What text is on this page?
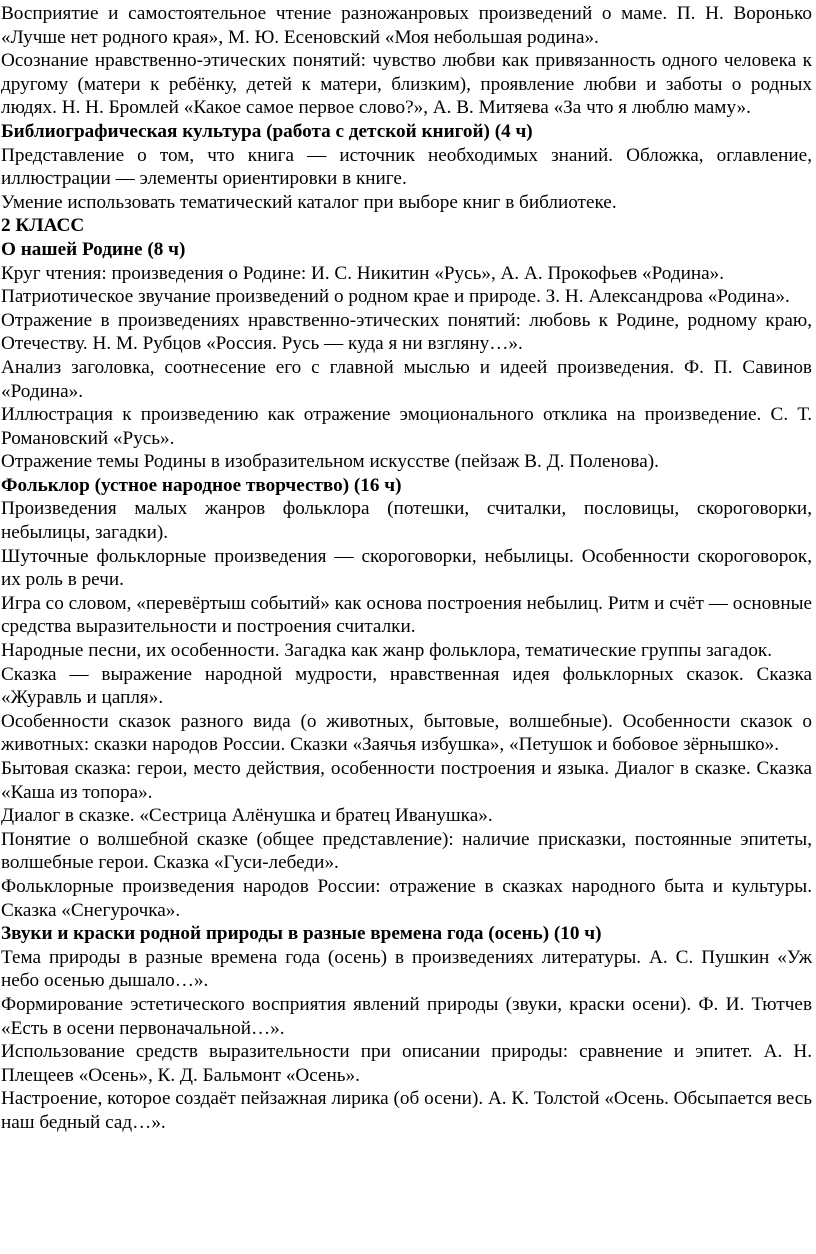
Восприятие и самостоятельное чтение разножанровых произведений о маме. П. Н. Воронько «Лучше нет родного края», М. Ю. Есеновский «Моя небольшая родина».

Осознание нравственно-этических понятий: чувство любви как привязанность одного человека к другому (матери к ребёнку, детей к матери, близким), проявление любви и заботы о родных людях. Н. Н. Бромлей «Какое самое первое слово?», А. В. Митяева «За что я люблю маму».

Библиографическая культура (работа с детской книгой) (4 ч)

Представление о том, что книга — источник необходимых знаний. Обложка, оглавление, иллюстрации — элементы ориентировки в книге.

Умение использовать тематический каталог при выборе книг в библиотеке.

2 КЛАСС

О нашей Родине (8 ч)

Круг чтения: произведения о Родине: И. С. Никитин «Русь», А. А. Прокофьев «Родина».

Патриотическое звучание произведений о родном крае и природе. З. Н. Александрова «Родина».

Отражение в произведениях нравственно-этических понятий: любовь к Родине, родному краю, Отечеству. Н. М. Рубцов «Россия. Русь — куда я ни взгляну…».

Анализ заголовка, соотнесение его с главной мыслью и идеей произведения. Ф. П. Савинов «Родина».

Иллюстрация к произведению как отражение эмоционального отклика на произведение. С. Т. Романовский «Русь».

Отражение темы Родины в изобразительном искусстве (пейзаж В. Д. Поленова).

Фольклор (устное народное творчество) (16 ч)

Произведения малых жанров фольклора (потешки, считалки, пословицы, скороговорки, небылицы, загадки).

Шуточные фольклорные произведения — скороговорки, небылицы. Особенности скороговорок, их роль в речи.

Игра со словом, «перевёртыш событий» как основа построения небылиц. Ритм и счёт — основные средства выразительности и построения считалки.

Народные песни, их особенности. Загадка как жанр фольклора, тематические группы загадок.

Сказка — выражение народной мудрости, нравственная идея фольклорных сказок. Сказка «Журавль и цапля».

Особенности сказок разного вида (о животных, бытовые, волшебные). Особенности сказок о животных: сказки народов России. Сказки «Заячья избушка», «Петушок и бобовое зёрнышко».

Бытовая сказка: герои, место действия, особенности построения и языка. Диалог в сказке. Сказка «Каша из топора».

Диалог в сказке. «Сестрица Алёнушка и братец Иванушка».

Понятие о волшебной сказке (общее представление): наличие присказки, постоянные эпитеты, волшебные герои. Сказка «Гуси-лебеди».

Фольклорные произведения народов России: отражение в сказках народного быта и культуры. Сказка «Снегурочка».

Звуки и краски родной природы в разные времена года (осень) (10 ч)

Тема природы в разные времена года (осень) в произведениях литературы. А. С. Пушкин «Уж небо осенью дышало…».

Формирование эстетического восприятия явлений природы (звуки, краски осени). Ф. И. Тютчев «Есть в осени первоначальной…».

Использование средств выразительности при описании природы: сравнение и эпитет. А. Н. Плещеев «Осень», К. Д. Бальмонт «Осень».

Настроение, которое создаёт пейзажная лирика (об осени). А. К. Толстой «Осень. Обсыпается весь наш бедный сад…».
